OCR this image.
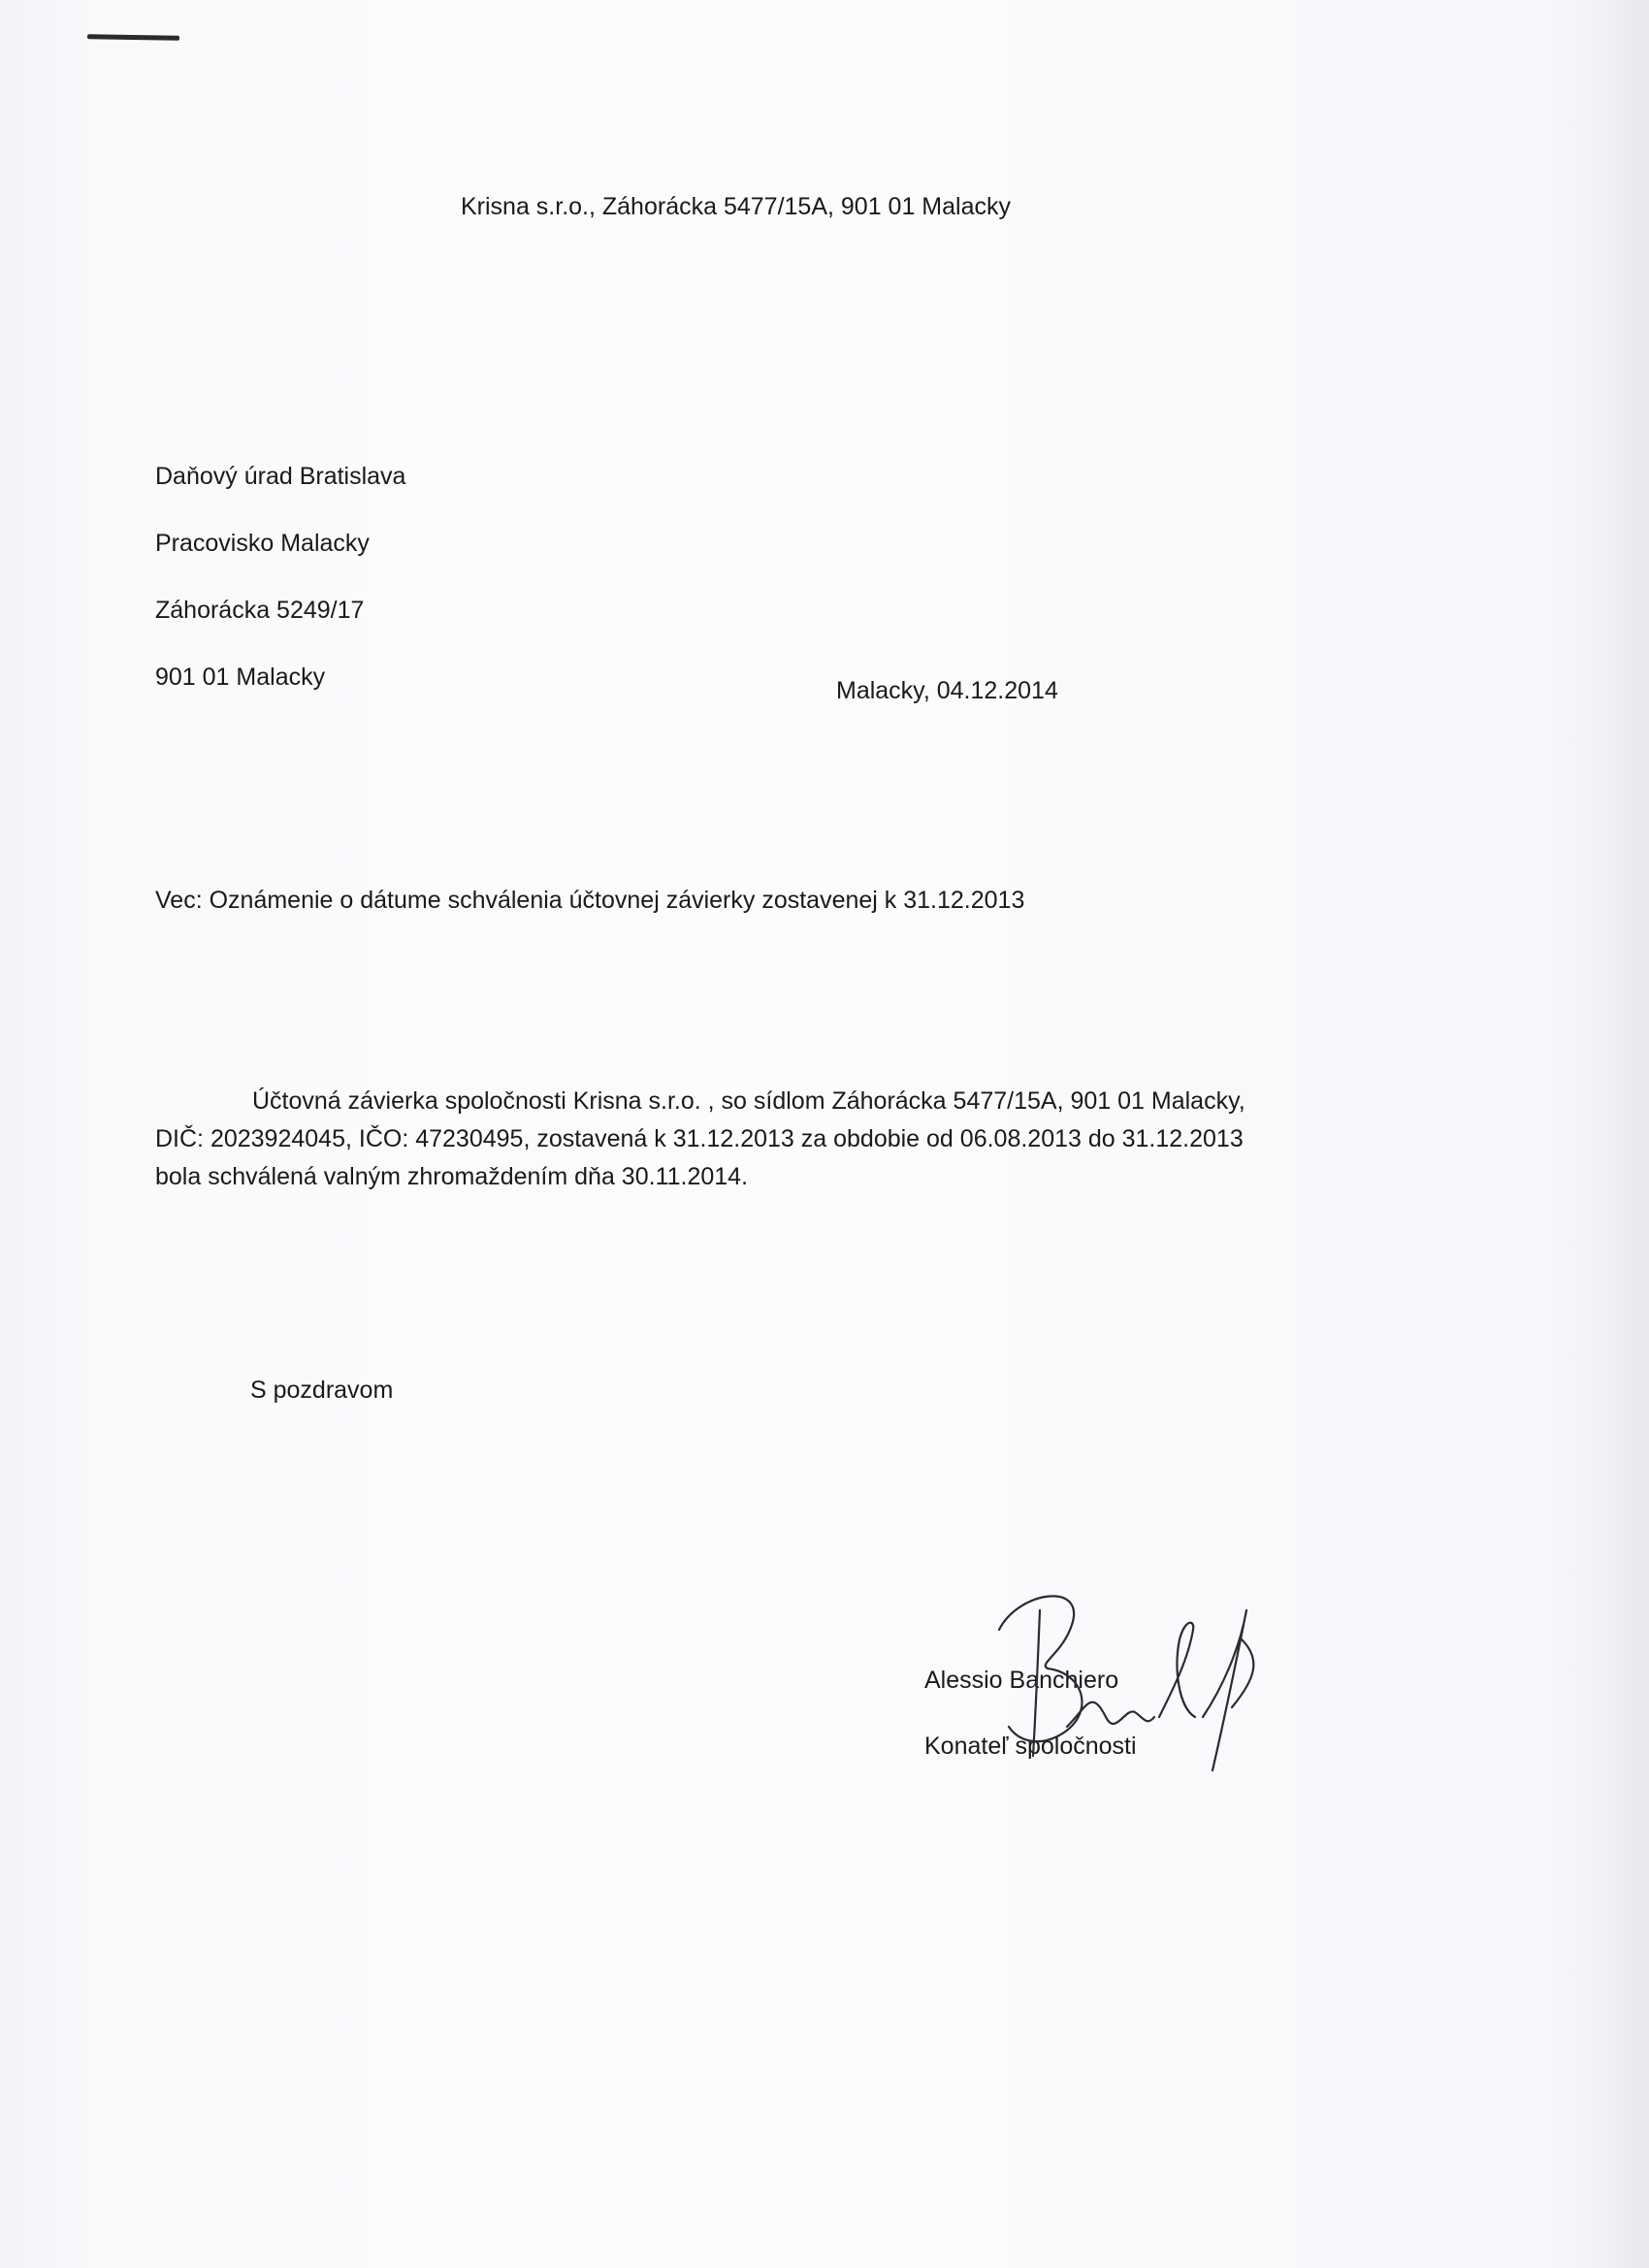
Krisna s.r.o., Záhorácka 5477/15A, 901 01 Malacky
Daňový úrad Bratislava
Pracovisko Malacky
Záhorácka 5249/17
901 01 Malacky	Malacky, 04.12.2014
Vec: Oznámenie o dátume schválenia účtovnej závierky zostavenej k 31.12.2013
Účtovná závierka spoločnosti Krisna s.r.o. , so sídlom Záhorácka 5477/15A, 901 01 Malacky,
DIČ: 2023924045, IČO: 47230495, zostavená k 31.12.2013 za obdobie od 06.08.2013 do 31.12.2013
bola schválená valným zhromaždením dňa 30.11.2014.
S pozdravom
Alessio Banchiero
Konateľ spoločnosti
